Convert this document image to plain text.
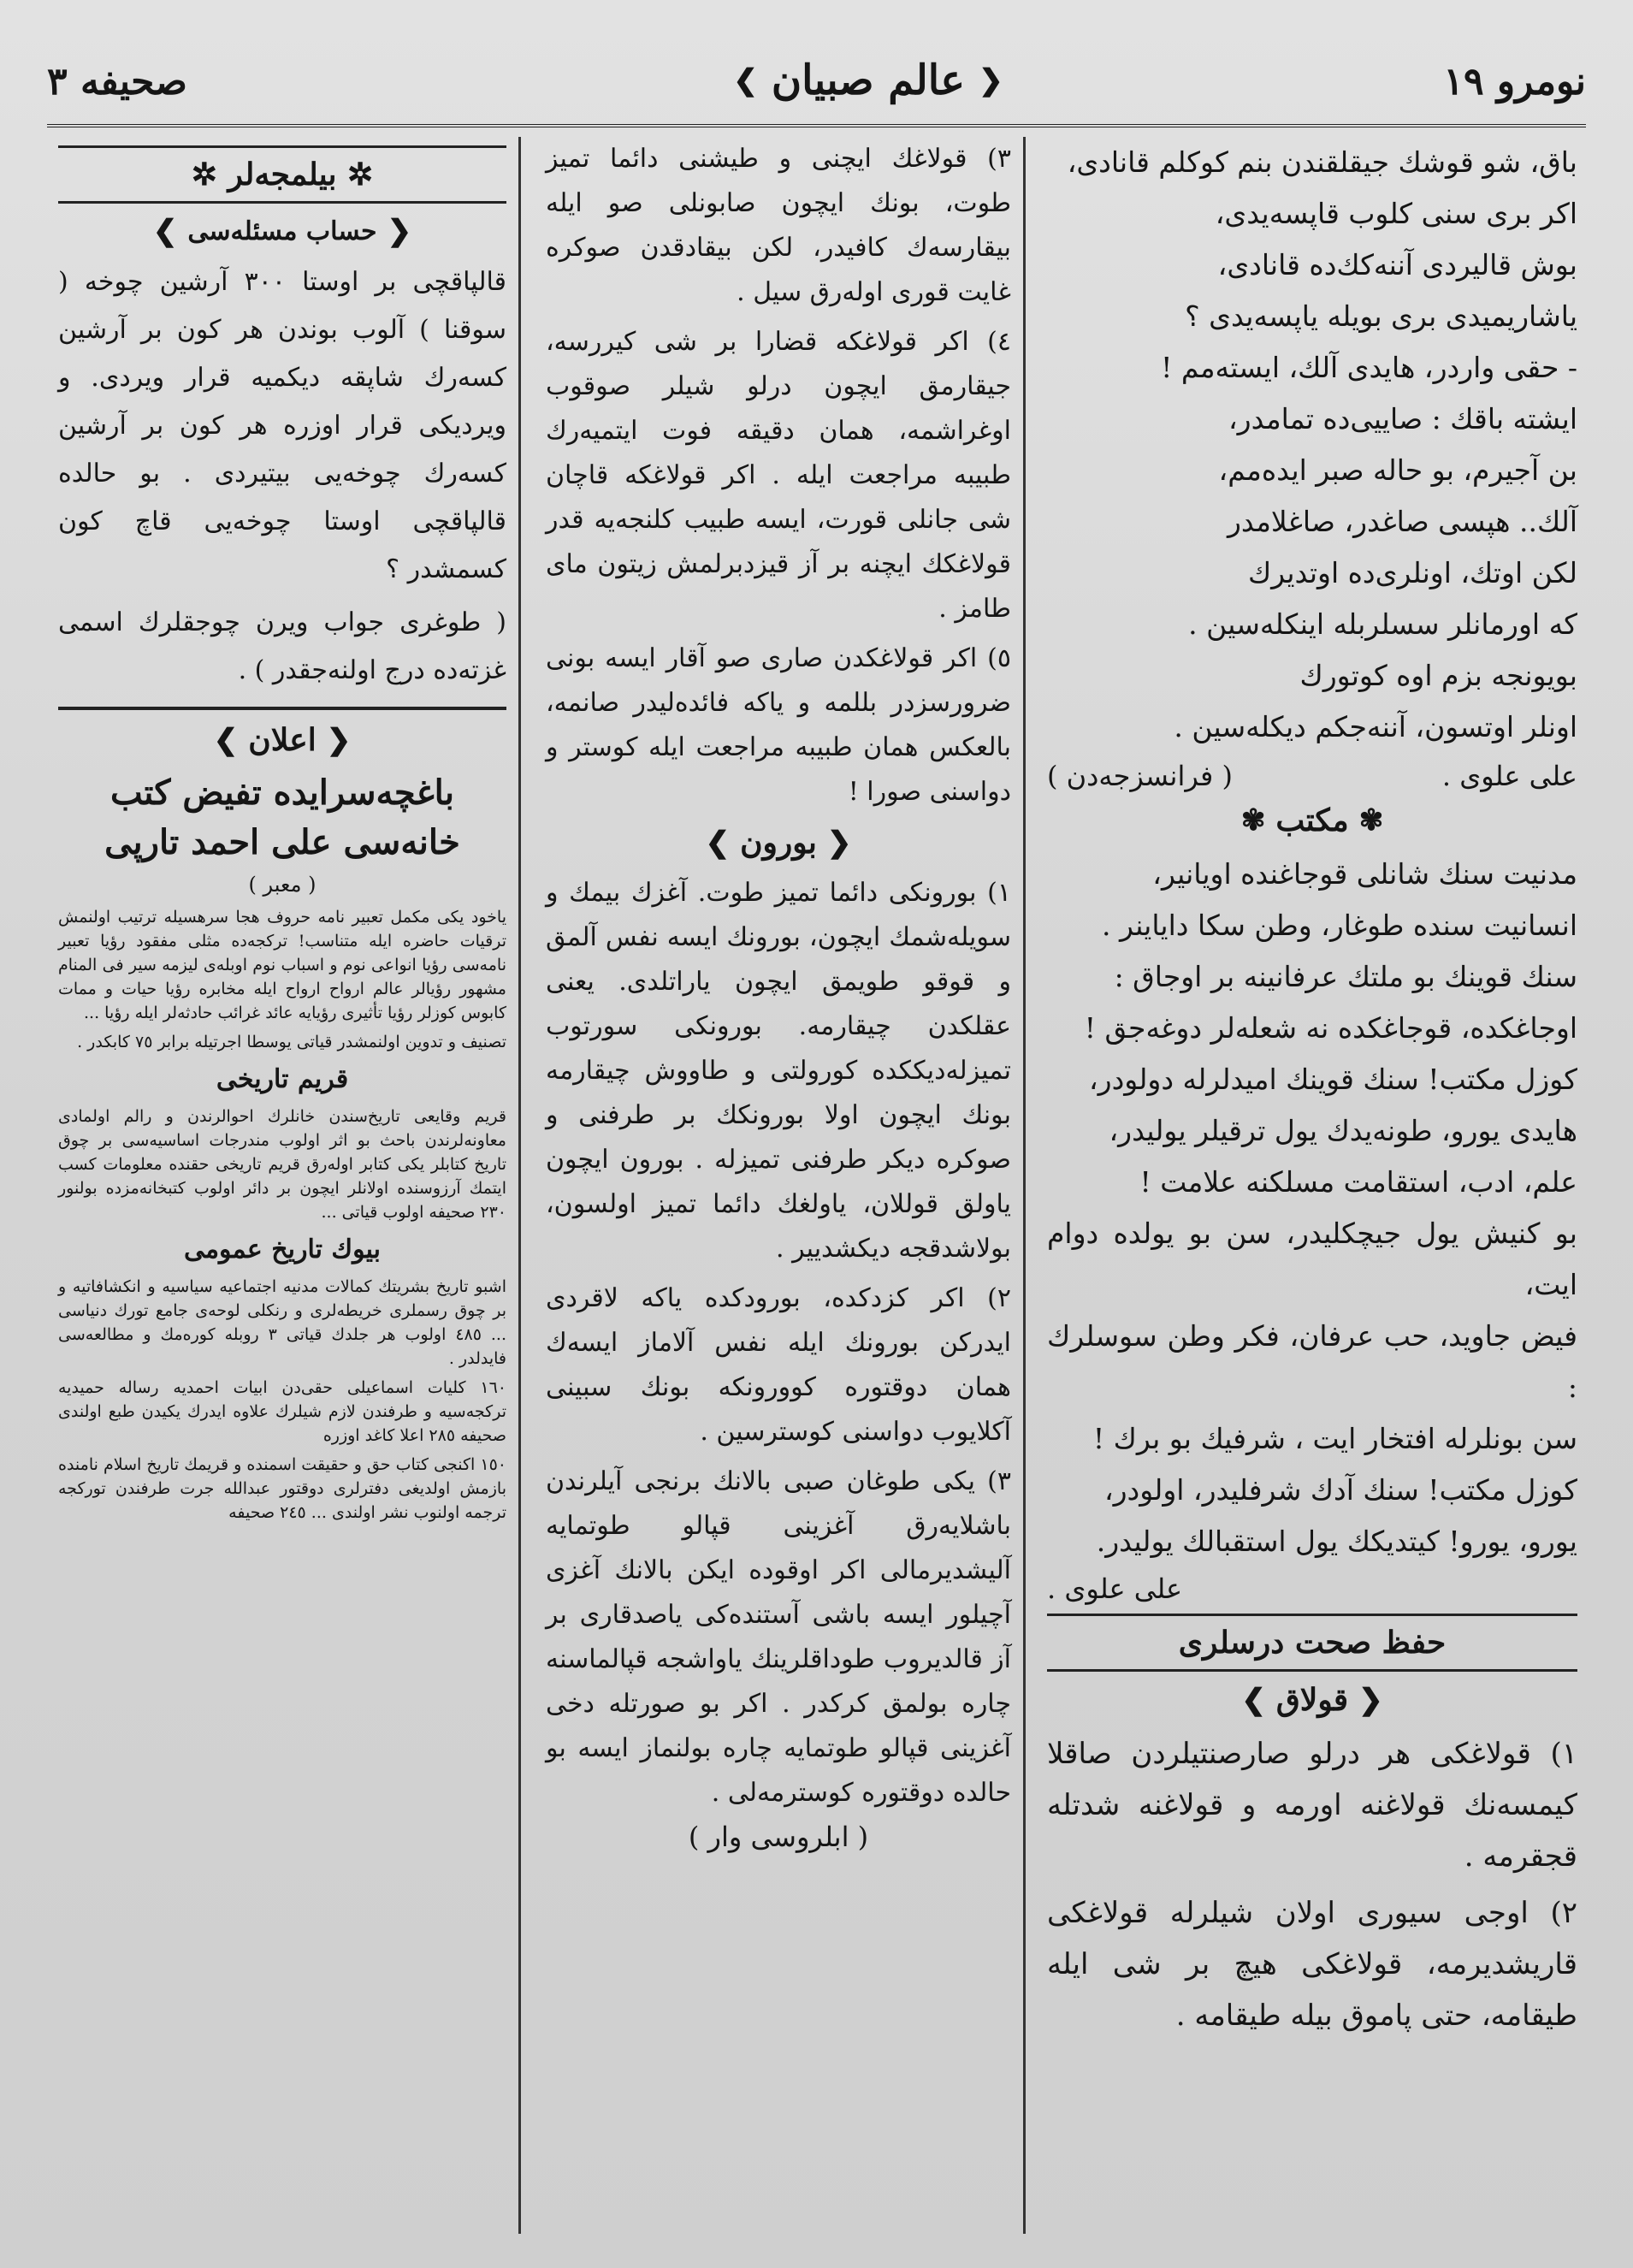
صحيفه ٣	❮
عالم صبيان
❯	نومرو ١٩

باق، شو قوشك جيقلقندن بنم كوكلم قانادى،

اكر برى سنى كلوب قاپسه‌يدى،

بوش قاليردى آننه‌كك‌ده قانادى،

ياشاريميدى برى بويله ياپسه‌يدى ؟

- حقى واردر، هايدى آلك، ايسته‌مم !

ايشته باقك : صاييى‌ده تمامدر،

بن آجيرم، بو حاله صبر ايده‌مم،

آلك.. هپسى صاغدر، صاغلامدر

لكن اوتك، اونلرى‌ده اوتديرك

كه اورمانلر سسلربله اينكله‌سين .

بويونجه بزم اوه كوتورك

اونلر اوتسون، آننه‌جكم ديكله‌سين .

على علوى .
( فرانسزجه‌دن )
✾
مكتب
✾

مدنيت سنك شانلى قوجاغنده اويانير،

انسانيت سنده طوغار، وطن سكا داياينر .

سنك قوينك بو ملتك عرفانينه بر اوجاق :

اوجاغكده، قوجاغكده نه شعله‌لر دوغه‌جق !

كوزل مكتب! سنك قوينك اميدلرله دولودر،

هايدى يورو، طونه‌يدك يول ترقيلر يوليدر،

علم، ادب، استقامت مسلكنه علامت !

بو كنيش يول جيچكليدر، سن بو يولده دوام ايت،

فيض جاويد، حب عرفان، فكر وطن سوسلرك :

سن بونلرله افتخار ايت ، شرفيك بو برك !

كوزل مكتب! سنك آدك شرفليدر، اولودر،

يورو، يورو! كيتديكك يول استقبالك يوليدر.

على علوى .
حفظ صحت درسلرى
❮
قولاق
❯

١) قولاغكى هر درلو صارصنتيلردن صاقلا كيمسه‌نك قولاغنه اورمه و قولاغنه شدتله قجقرمه .

٢) اوجى سيورى اولان شيلرله قولاغكى قاريشديرمه، قولاغكى هيچ بر شى ايله طيقامه، حتى پاموق بيله طيقامه .

٣) قولاغك ايچنى و طيشنى دائما تميز طوت، بونك ايچون صابونلى صو ايله بيقارسه‌ك كافيدر، لكن بيقادقدن صوكره غايت قورى اوله‌رق سيل .

٤) اكر قولاغكه قضارا بر شى كيررسه، جيقارمق ايچون درلو شيلر صوقوب اوغراشمه، همان دقيقه فوت ايتميه‌رك طبيبه مراجعت ايله . اكر قولاغكه قاچان شى جانلى قورت، ايسه طبيب كلنجه‌يه قدر قولاغكك ايچنه بر آز قيزدبرلمش زيتون ماى طامز .

٥) اكر قولاغكدن صارى صو آقار ايسه بونى ضرورسزدر بللمه و ياكه فائده‌ليدر صانمه، بالعكس همان طبيبه مراجعت ايله كوستر و دواسنى صورا !

❮
بورون
❯

١) بورونكى دائما تميز طوت. آغزك بيمك و سويله‌شمك ايچون، بورونك ايسه نفس آلمق و قوقو طويمق ايچون ياراتلدى. يعنى عقلكدن چيقارمه. بورونكى سورتوب تميزله‌ديككده كورولتى و طاووش چيقارمه بونك ايچون اولا بورونكك بر طرفنى و صوكره ديكر طرفنى تميزله . بورون ايچون ياولق قوللان، ياولغك دائما تميز اولسون، بولاشدقجه ديكشديير .

٢) اكر كزدكده، بورودكده ياكه لاقردى ايدركن بورونك ايله نفس آلاماز ايسه‌ك همان دوقتوره كوورونكه بونك سبينى آكلايوب دواسنى كوسترسين .

٣) يكى طوغان صبى بالانك برنجى آيلرندن باشلايه‌رق آغزينى قپالو طوتمايه آليشديرمالى اكر اوقوده ايكن بالانك آغزى آچيلور ايسه باشى آستنده‌كى ياصدقارى بر آز قالديروب طوداقلرينك ياواشجه قپالماسنه چاره بولمق كركدر . اكر بو صورتله دخى آغزينى قپالو طوتمايه چاره بولنماز ايسه بو حالده دوقتوره كوسترمه‌لى .

( ابلروسى وار )
✲ بيلمجه‌لر ✲
❮
حساب مسئله‌سى
❯

قالپاقچى بر اوستا ٣٠٠ آرشين چوخه ( سوقنا ) آلوب بوندن هر كون بر آرشين كسه‌رك شاپقه ديكميه قرار ويردى. و ويرديكى قرار اوزره هر كون بر آرشين كسه‌رك چوخه‌يى بيتيردى . بو حالده قالپاقچى اوستا چوخه‌يى قاچ كون كسمشدر ؟

( طوغرى جواب ويرن چوجقلرك اسمى غزته‌ده درج اولنه‌جقدر ) .

❮
اعلان
❯
باغچه‌سرايده تفيض كتب خانه‌سى على احمد تارپى
( معبر )

ياخود يكى مكمل تعبير نامه حروف هجا سرهسيله ترتيب اولنمش ترقيات حاضره ايله متناسب! تركجه‌ده مثلى مفقود رؤيا تعبير نامه‌سى رؤيا انواعى نوم و اسباب نوم اوبله‌ى ليزمه سير فى المنام مشهور رؤيالر عالم ارواح ارواح ايله مخابره رؤيا حيات و ممات كابوس كوزلر رؤيا تأثيرى رؤيايه عائد غرائب حادثه‌لر ايله رؤيا ...

تصنيف و تدوين اولنمشدر قياتى يوسطا اجرتيله برابر ٧٥ كابكدر .

قريم تاريخى

قريم وقايعى تاريخ‌سندن خانلرك احوالرندن و رالم اولمادى معاونه‌لرندن باحث بو اثر اولوب مندرجات اساسيه‌سى بر چوق تاريخ كتابلر يكى كتابر اوله‌رق قريم تاريخى حقنده معلومات كسب ايتمك آرزوسنده اولانلر ايچون بر دائر اولوب كتبخانه‌مزده بولنور ٢٣٠ صحيفه اولوب قياتى ...

بيوك تاريخ عمومى

اشبو تاريخ بشريتك كمالات مدنيه اجتماعيه سياسيه و انكشافاتيه و بر چوق رسملرى خريطه‌لرى و رنكلى لوحه‌ى جامع تورك دنياسى ... ٤٨٥ اولوب هر جلدك قياتى ٣ روبله كوره‌مك و مطالعه‌سى فايدلدر .

١٦٠ كليات اسماعيلى حقى‌دن ابيات احمديه رساله حميديه تركجه‌سيه و طرفندن لازم شيلرك علاوه ايدرك يكيدن طبع اولندى صحيفه ٢٨٥ اعلا كاغد اوزره

١٥٠ اكنجى كتاب حق و حقيقت اسمنده و قريمك تاريخ اسلام نامنده بازمش اولديغى دفترلرى دوقتور عبدالله جرت طرفندن توركجه ترجمه اولنوب نشر اولندى ... ٢٤٥ صحيفه
